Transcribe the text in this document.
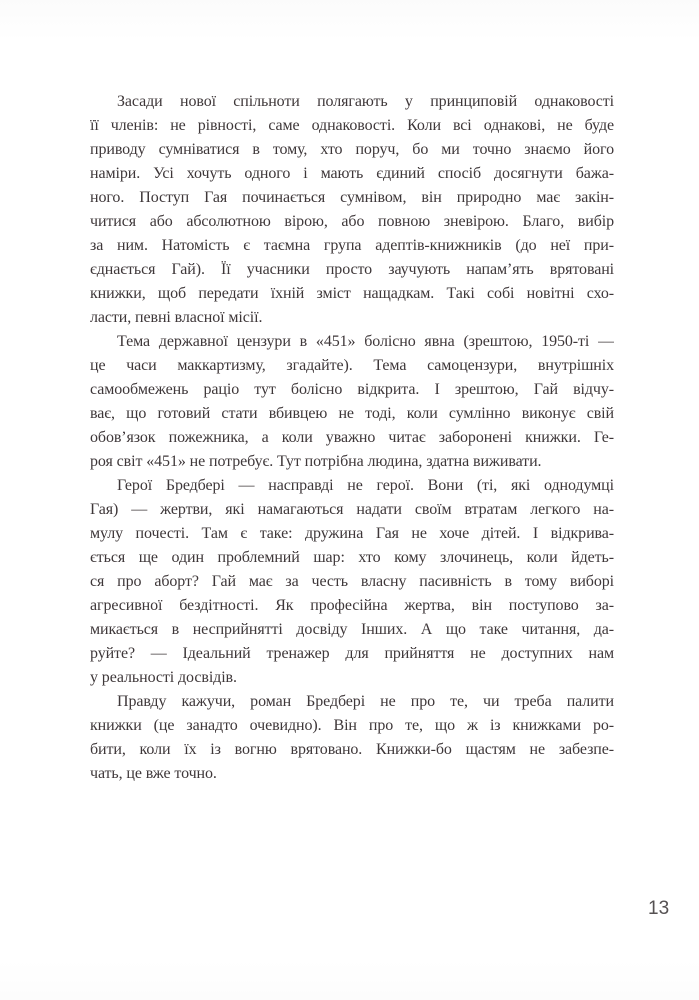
Засади нової спільноти полягають у принциповій однаковості
її членів: не рівності, саме однаковості. Коли всі однакові, не буде
приводу сумніватися в тому, хто поруч, бо ми точно знаємо його
наміри. Усі хочуть одного і мають єдиний спосіб досягнути бажа-
ного. Поступ Гая починається сумнівом, він природно має закін-
читися або абсолютною вірою, або повною зневірою. Благо, вибір
за ним. Натомість є таємна група адептів-книжників (до неї при-
єднається Гай). Її учасники просто заучують напам’ять врятовані
книжки, щоб передати їхній зміст нащадкам. Такі собі новітні схо-
ласти, певні власної місії.
Тема державної цензури в «451» болісно явна (зрештою, 1950-ті —
це часи маккартизму, згадайте). Тема самоцензури, внутрішніх
самообмежень раціо тут болісно відкрита. І зрештою, Гай відчу-
ває, що готовий стати вбивцею не тоді, коли сумлінно виконує свій
обов’язок пожежника, а коли уважно читає заборонені книжки. Ге-
роя світ «451» не потребує. Тут потрібна людина, здатна виживати.
Герої Бредбері — насправді не герої. Вони (ті, які однодумці
Гая) — жертви, які намагаються надати своїм втратам легкого на-
мулу почесті. Там є таке: дружина Гая не хоче дітей. І відкрива-
ється ще один проблемний шар: хто кому злочинець, коли йдеть-
ся про аборт? Гай має за честь власну пасивність в тому виборі
агресивної бездітності. Як професійна жертва, він поступово за-
микається в несприйнятті досвіду Інших. А що таке читання, да-
руйте? — Ідеальний тренажер для прийняття не доступних нам
у реальності досвідів.
Правду кажучи, роман Бредбері не про те, чи треба палити
книжки (це занадто очевидно). Він про те, що ж із книжками ро-
бити, коли їх із вогню врятовано. Книжки-бо щастям не забезпе-
чать, це вже точно.
13
